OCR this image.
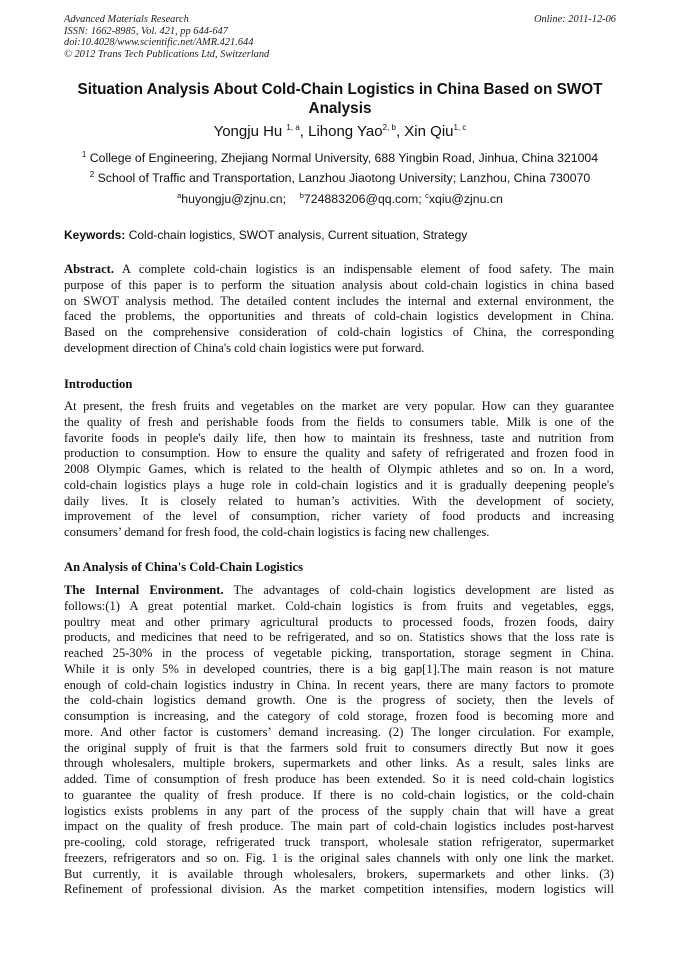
Advanced Materials Research
ISSN: 1662-8985, Vol. 421, pp 644-647
doi:10.4028/www.scientific.net/AMR.421.644
© 2012 Trans Tech Publications Ltd, Switzerland
Online: 2011-12-06
Situation Analysis About Cold-Chain Logistics in China Based on SWOT
Analysis
Yongju Hu $^{1, a}$, Lihong Yao$^{2, b}$, Xin Qiu$^{1, c}$
$^1$ College of Engineering, Zhejiang Normal University, 688 Yingbin Road, Jinhua, China 321004
$^2$ School of Traffic and Transportation, Lanzhou Jiaotong University; Lanzhou, China 730070
$^a$huyongju@zjnu.cn; $^b$724883206@qq.com; $^c$xqiu@zjnu.cn
Keywords: Cold-chain logistics, SWOT analysis, Current situation, Strategy
Abstract. A complete cold-chain logistics is an indispensable element of food safety. The main
purpose of this paper is to perform the situation analysis about cold-chain logistics in china based
on SWOT analysis method. The detailed content includes the internal and external environment, the
faced the problems, the opportunities and threats of cold-chain logistics development in China.
Based on the comprehensive consideration of cold-chain logistics of China, the corresponding
development direction of China's cold chain logistics were put forward.
Introduction
At present, the fresh fruits and vegetables on the market are very popular. How can they guarantee
the quality of fresh and perishable foods from the fields to consumers table. Milk is one of the
favorite foods in people's daily life, then how to maintain its freshness, taste and nutrition from
production to consumption. How to ensure the quality and safety of refrigerated and frozen food in
2008 Olympic Games, which is related to the health of Olympic athletes and so on. In a word,
cold-chain logistics plays a huge role in cold-chain logistics and it is gradually deepening people's
daily lives. It is closely related to human’s activities. With the development of society,
improvement of the level of consumption, richer variety of food products and increasing
consumers’ demand for fresh food, the cold-chain logistics is facing new challenges.
An Analysis of China's Cold-Chain Logistics
The Internal Environment. The advantages of cold-chain logistics development are listed as
follows:(1) A great potential market. Cold-chain logistics is from fruits and vegetables, eggs,
poultry meat and other primary agricultural products to processed foods, frozen foods, dairy
products, and medicines that need to be refrigerated, and so on. Statistics shows that the loss rate is
reached 25-30% in the process of vegetable picking, transportation, storage segment in China.
While it is only 5% in developed countries, there is a big gap[1].The main reason is not mature
enough of cold-chain logistics industry in China. In recent years, there are many factors to promote
the cold-chain logistics demand growth. One is the progress of society, then the levels of
consumption is increasing, and the category of cold storage, frozen food is becoming more and
more. And other factor is customers’ demand increasing. (2) The longer circulation. For example,
the original supply of fruit is that the farmers sold fruit to consumers directly But now it goes
through wholesalers, multiple brokers, supermarkets and other links. As a result, sales links are
added. Time of consumption of fresh produce has been extended. So it is need cold-chain logistics
to guarantee the quality of fresh produce. If there is no cold-chain logistics, or the cold-chain
logistics exists problems in any part of the process of the supply chain that will have a great
impact on the quality of fresh produce. The main part of cold-chain logistics includes post-harvest
pre-cooling, cold storage, refrigerated truck transport, wholesale station refrigerator, supermarket
freezers, refrigerators and so on. Fig. 1 is the original sales channels with only one link the market.
But currently, it is available through wholesalers, brokers, supermarkets and other links. (3)
Refinement of professional division. As the market competition intensifies, modern logistics will
